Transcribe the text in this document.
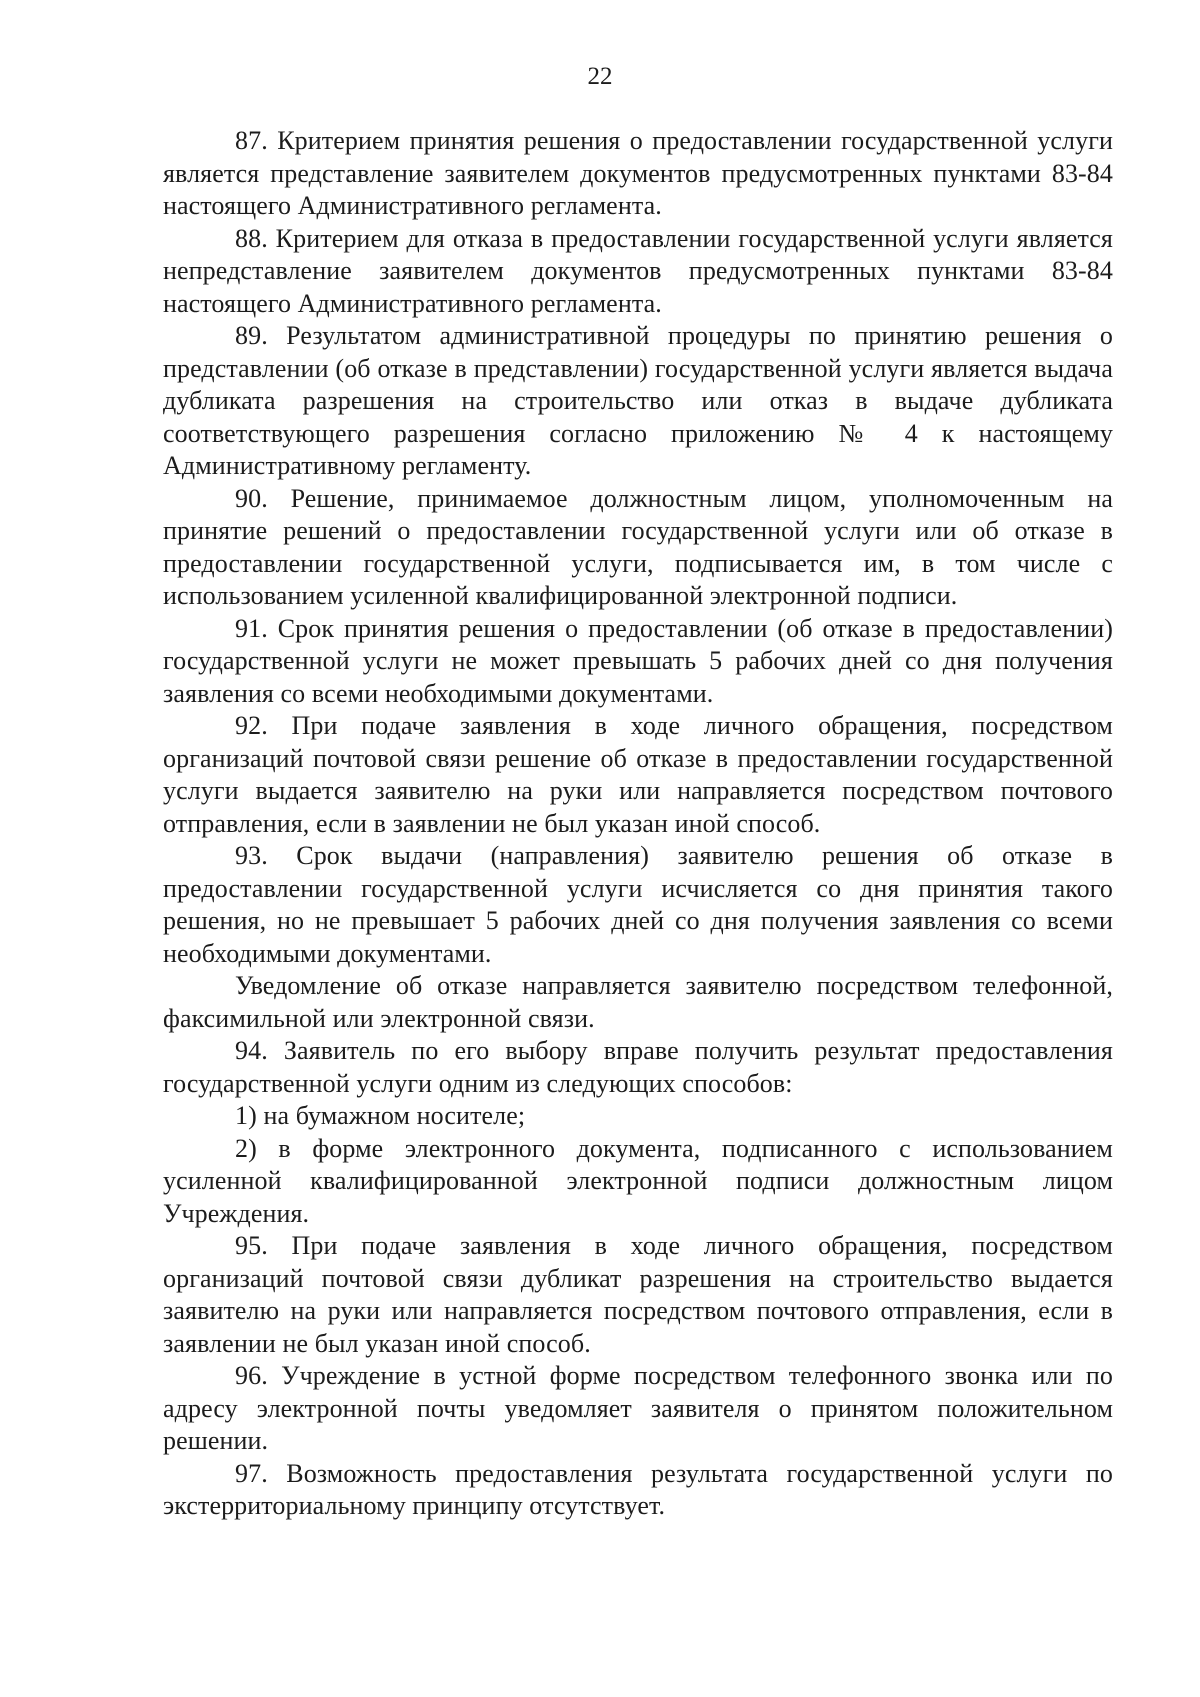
22

87. Критерием принятия решения о предоставлении государственной услуги является представление заявителем документов предусмотренных пунктами 83-84 настоящего Административного регламента.

88. Критерием для отказа в предоставлении государственной услуги является непредставление заявителем документов предусмотренных пунктами 83-84 настоящего Административного регламента.

89. Результатом административной процедуры по принятию решения о представлении (об отказе в представлении) государственной услуги является выдача дубликата разрешения на строительство или отказ в выдаче дубликата соответствующего разрешения согласно приложению № 4 к настоящему Административному регламенту.

90. Решение, принимаемое должностным лицом, уполномоченным на принятие решений о предоставлении государственной услуги или об отказе в предоставлении государственной услуги, подписывается им, в том числе с использованием усиленной квалифицированной электронной подписи.

91. Срок принятия решения о предоставлении (об отказе в предоставлении) государственной услуги не может превышать 5 рабочих дней со дня получения заявления со всеми необходимыми документами.

92. При подаче заявления в ходе личного обращения, посредством организаций почтовой связи решение об отказе в предоставлении государственной услуги выдается заявителю на руки или направляется посредством почтового отправления, если в заявлении не был указан иной способ.

93. Срок выдачи (направления) заявителю решения об отказе в предоставлении государственной услуги исчисляется со дня принятия такого решения, но не превышает 5 рабочих дней со дня получения заявления со всеми необходимыми документами.

Уведомление об отказе направляется заявителю посредством телефонной, факсимильной или электронной связи.

94. Заявитель по его выбору вправе получить результат предоставления государственной услуги одним из следующих способов:

1) на бумажном носителе;

2) в форме электронного документа, подписанного с использованием усиленной квалифицированной электронной подписи должностным лицом Учреждения.

95. При подаче заявления в ходе личного обращения, посредством организаций почтовой связи дубликат разрешения на строительство выдается заявителю на руки или направляется посредством почтового отправления, если в заявлении не был указан иной способ.

96. Учреждение в устной форме посредством телефонного звонка или по адресу электронной почты уведомляет заявителя о принятом положительном решении.

97. Возможность предоставления результата государственной услуги по экстерриториальному принципу отсутствует.
